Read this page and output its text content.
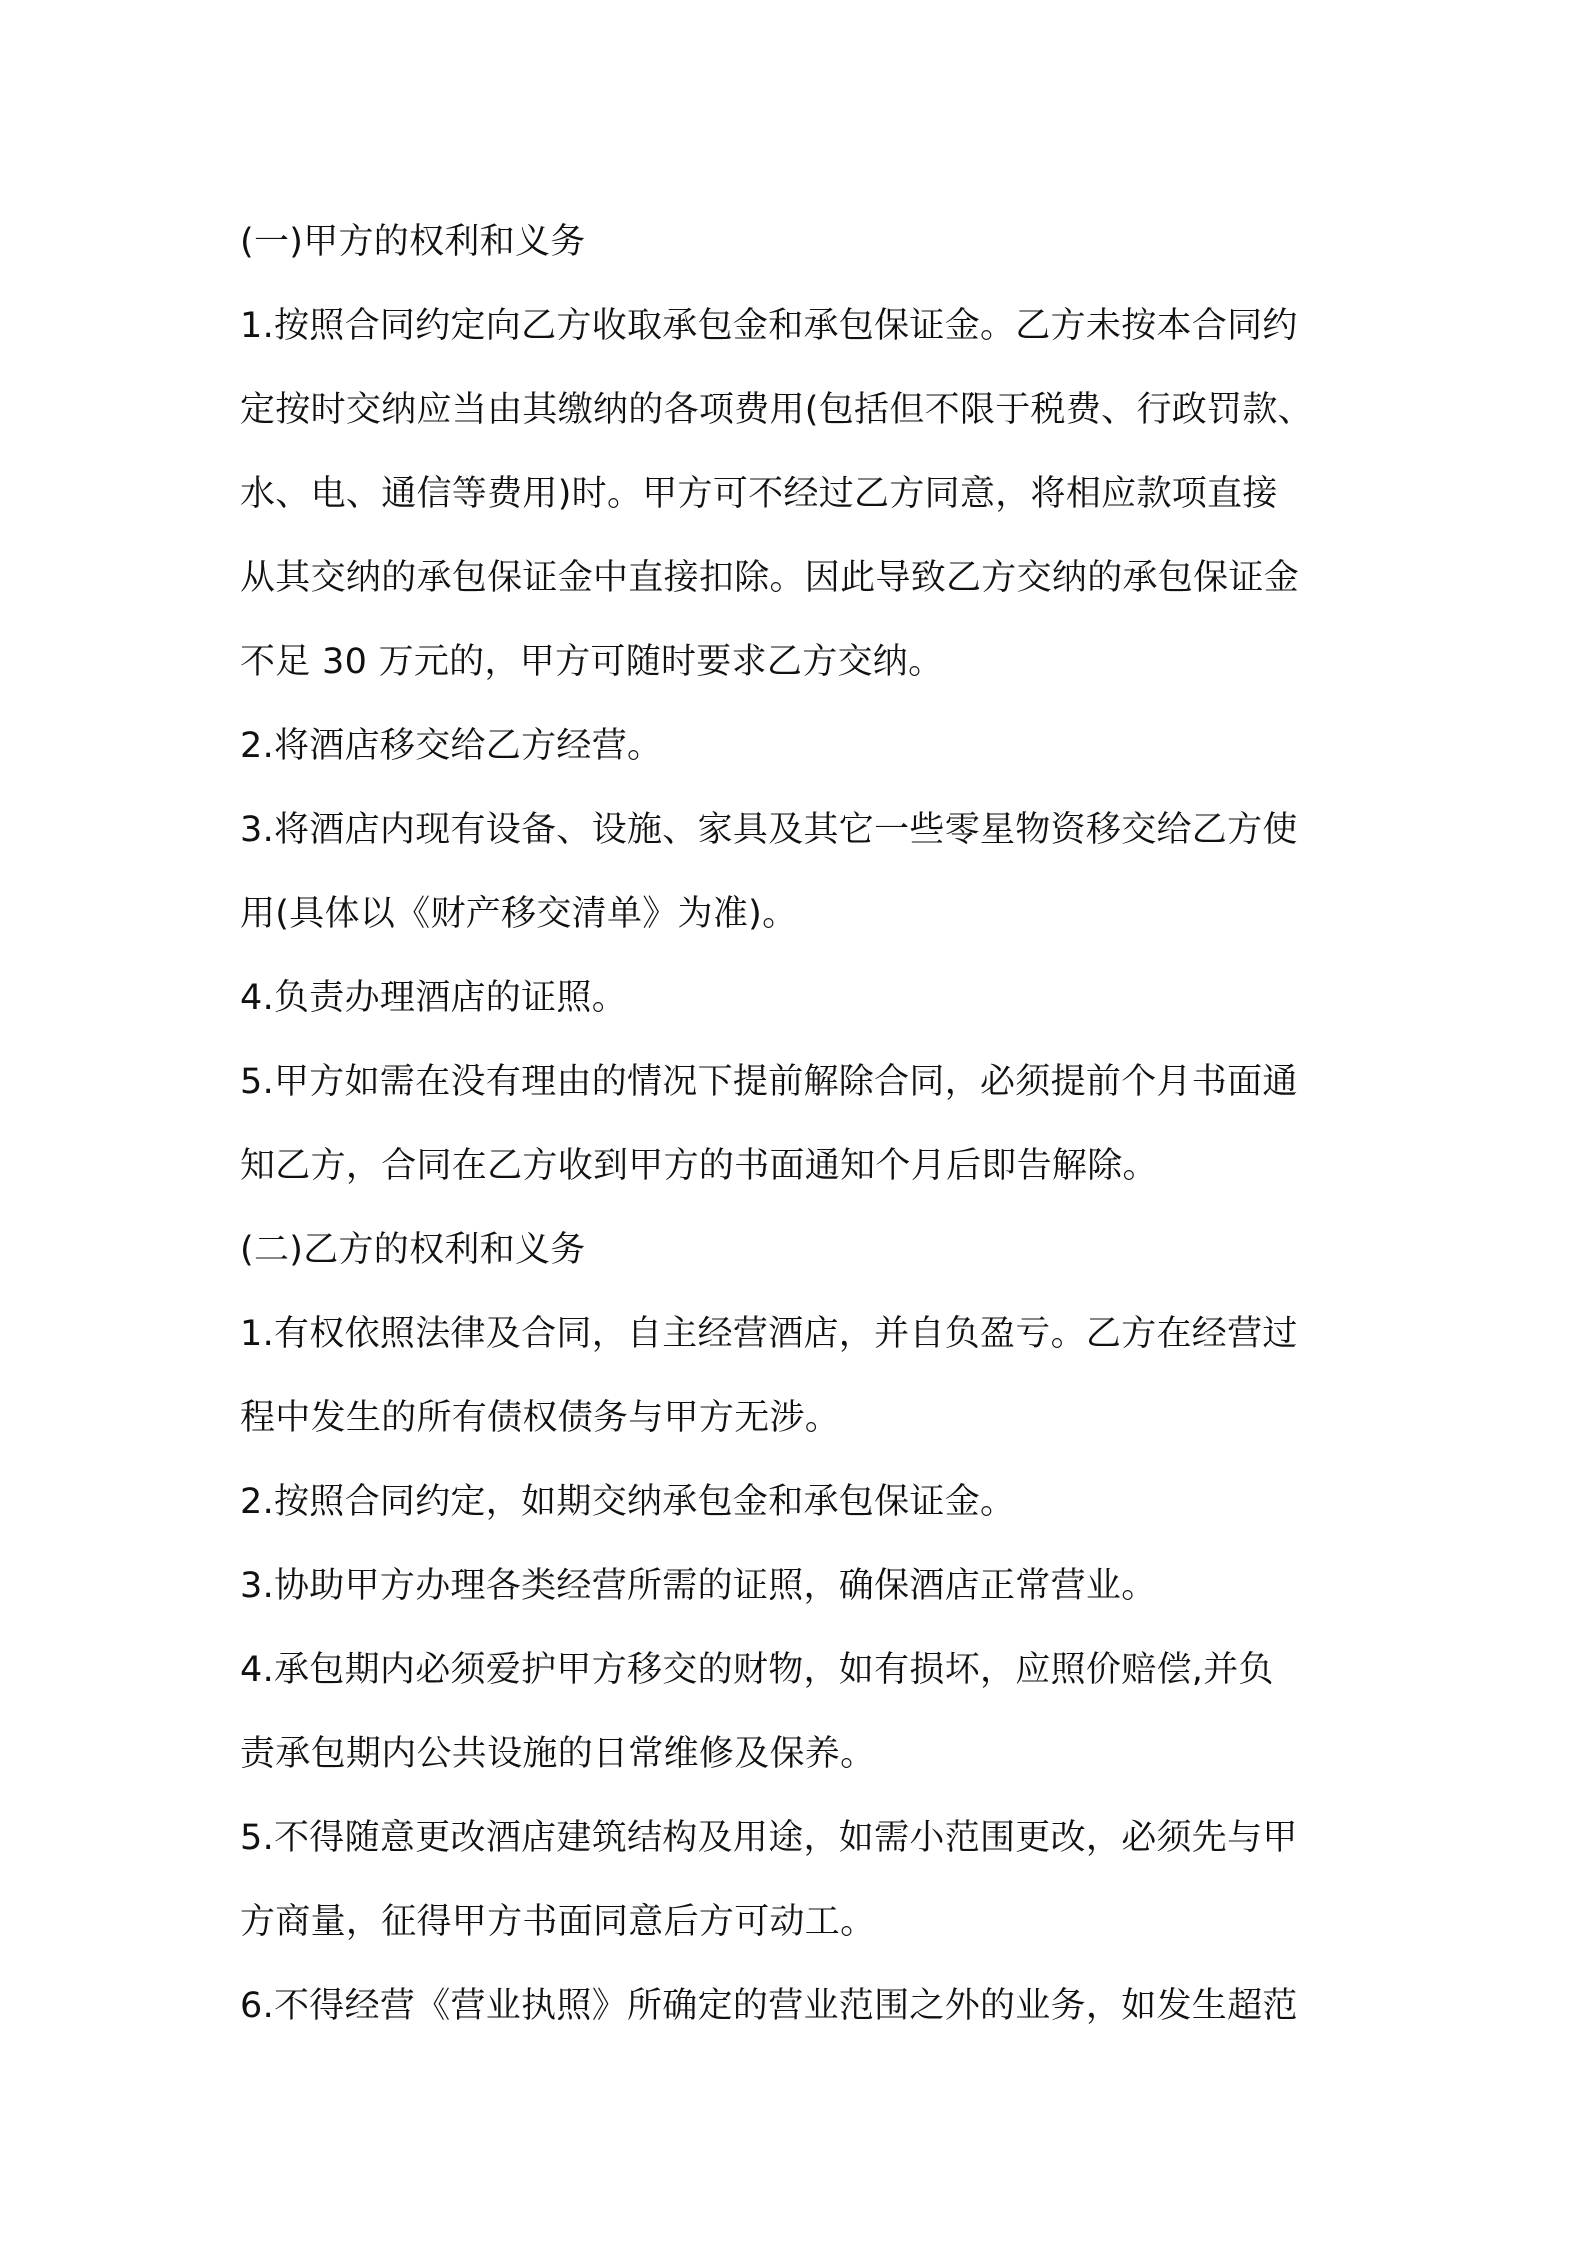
(一)甲方的权利和义务
1.按照合同约定向乙方收取承包金和承包保证金。乙方未按本合同约
定按时交纳应当由其缴纳的各项费用(包括但不限于税费、行政罚款、
水、电、通信等费用)时。甲方可不经过乙方同意，将相应款项直接
从其交纳的承包保证金中直接扣除。因此导致乙方交纳的承包保证金
不足 30 万元的，甲方可随时要求乙方交纳。
2.将酒店移交给乙方经营。
3.将酒店内现有设备、设施、家具及其它一些零星物资移交给乙方使
用(具体以《财产移交清单》为准)。
4.负责办理酒店的证照。
5.甲方如需在没有理由的情况下提前解除合同，必须提前个月书面通
知乙方，合同在乙方收到甲方的书面通知个月后即告解除。
(二)乙方的权利和义务
1.有权依照法律及合同，自主经营酒店，并自负盈亏。乙方在经营过
程中发生的所有债权债务与甲方无涉。
2.按照合同约定，如期交纳承包金和承包保证金。
3.协助甲方办理各类经营所需的证照，确保酒店正常营业。
4.承包期内必须爱护甲方移交的财物，如有损坏，应照价赔偿,并负
责承包期内公共设施的日常维修及保养。
5.不得随意更改酒店建筑结构及用途，如需小范围更改，必须先与甲
方商量，征得甲方书面同意后方可动工。
6.不得经营《营业执照》所确定的营业范围之外的业务，如发生超范
